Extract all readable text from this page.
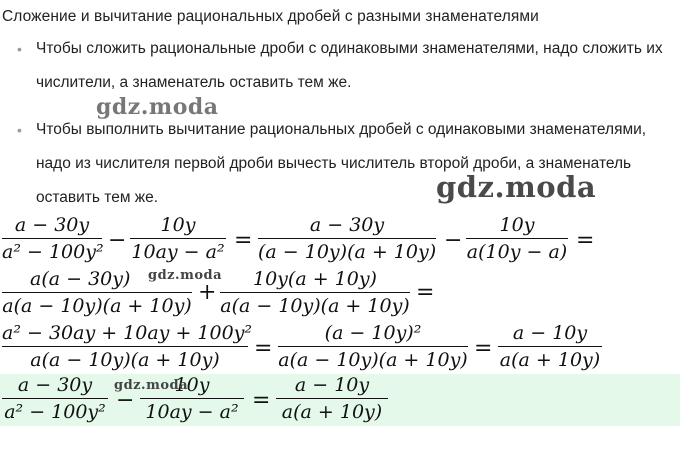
Сложение и вычитание рациональных дробей с разными знаменателями
• Чтобы сложить рациональные дроби с одинаковыми знаменателями, надо сложить их числители, а знаменатель оставить тем же.
• Чтобы выполнить вычитание рациональных дробей с одинаковыми знаменателями, надо из числителя первой дроби вычесть числитель второй дроби, а знаменатель оставить тем же.
gdz.moda
gdz.moda
a − 30y
a² − 100y² −
10y
10ay − a² =
a − 30y
(a − 10y)(a + 10y) −
10y
a(10y − a) =
a(a − 30y)
a(a − 10y)(a + 10y)
+
10y(a + 10y)
a(a − 10y)(a + 10y)
=
gdz.moda
a² − 30ay + 10ay + 100y²
a(a − 10y)(a + 10y)	=
(a − 10y)²
a(a − 10y)(a + 10y) =
a − 10y
a(a + 10y)
a − 30y
a² − 100y² −
10y
10ay − a² =
a − 10y
a(a + 10y)
gdz.moda
